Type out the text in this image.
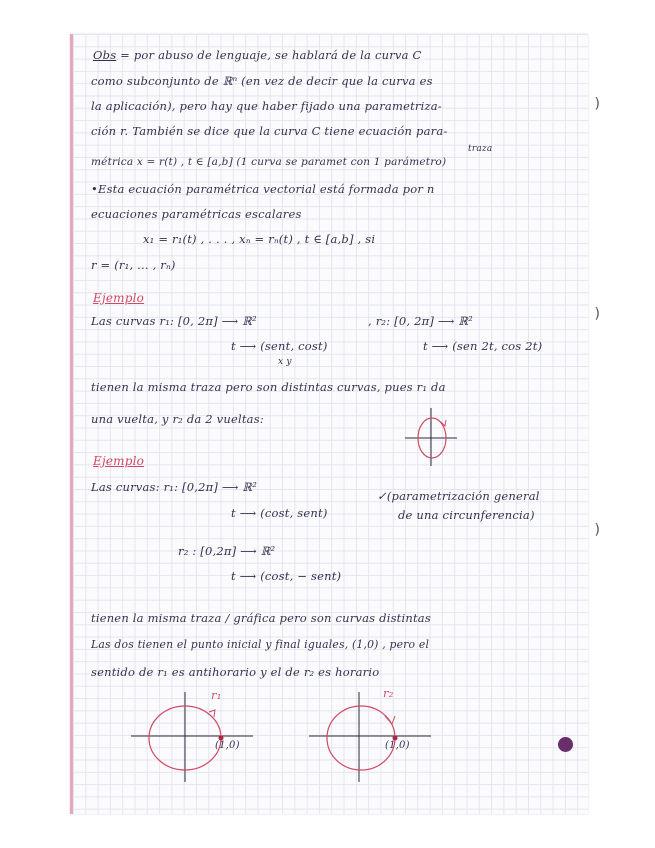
Obs = por abuso de lenguaje, se hablará de la curva C
como subconjunto de ℝⁿ (en vez de decir que la curva es
la aplicación), pero hay que haber fijado una parametriza-
ción r. También se dice que la curva C tiene ecuación para-
traza
métrica x = r(t) , t ∈ [a,b] (1 curva se paramet con 1 parámetro)
•Esta ecuación paramétrica vectorial está formada por n
ecuaciones paramétricas escalares
x₁ = r₁(t) , . . . , xₙ = rₙ(t) , t ∈ [a,b] , si
r = (r₁, ... , rₙ)
Ejemplo
Las curvas r₁: [0, 2π] ⟶ ℝ²	, r₂: [0, 2π] ⟶ ℝ²
t ⟶ (sent, cost)	t ⟶ (sen 2t, cos 2t)
x y
tienen la misma traza pero son distintas curvas, pues r₁ da
una vuelta, y r₂ da 2 vueltas:
Ejemplo
Las curvas: r₁: [0,2π] ⟶ ℝ²
t ⟶ (cost, sent)
✓(parametrización general
de una circunferencia)
r₂ : [0,2π] ⟶ ℝ²
t ⟶ (cost, − sent)
tienen la misma traza / gráfica pero son curvas distintas
Las dos tienen el punto inicial y final iguales, (1,0) , pero el
sentido de r₁ es antihorario y el de r₂ es horario
r₁
(1,0)
r₂
(1,0)
)
)
)
